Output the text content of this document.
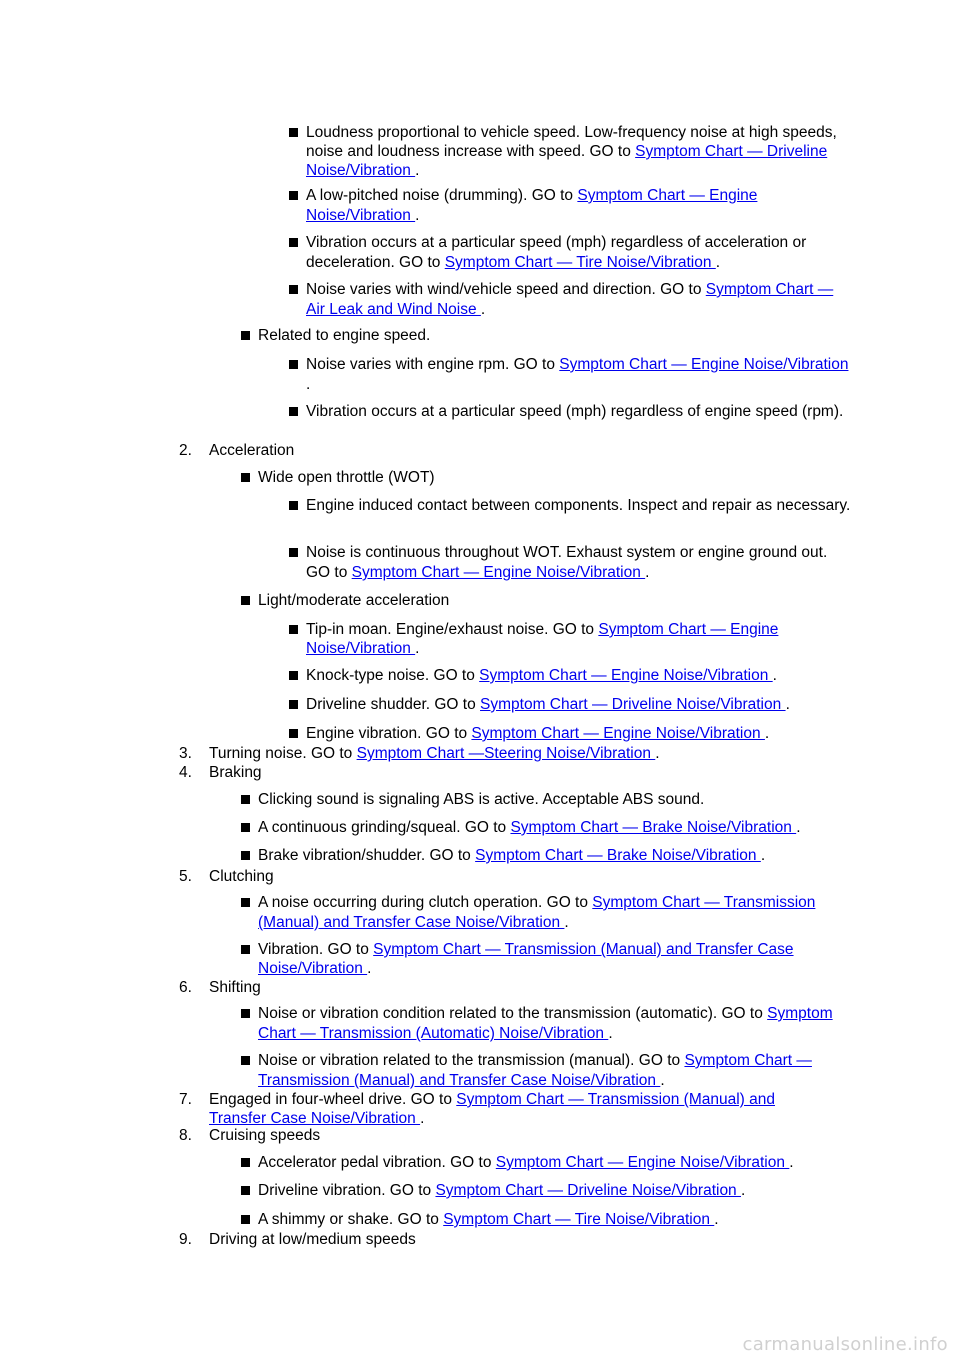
Loudness proportional to vehicle speed. Low-frequency noise at high speeds, noise and loudness increase with speed. GO to Symptom Chart — Driveline Noise/Vibration .
A low-pitched noise (drumming). GO to Symptom Chart — Engine Noise/Vibration .
Vibration occurs at a particular speed (mph) regardless of acceleration or deceleration. GO to Symptom Chart — Tire Noise/Vibration .
Noise varies with wind/vehicle speed and direction. GO to Symptom Chart — Air Leak and Wind Noise .
Related to engine speed.
Noise varies with engine rpm. GO to Symptom Chart — Engine Noise/Vibration .
Vibration occurs at a particular speed (mph) regardless of engine speed (rpm).
2. Acceleration
Wide open throttle (WOT)
Engine induced contact between components. Inspect and repair as necessary.
Noise is continuous throughout WOT. Exhaust system or engine ground out. GO to Symptom Chart — Engine Noise/Vibration .
Light/moderate acceleration
Tip-in moan. Engine/exhaust noise. GO to Symptom Chart — Engine Noise/Vibration .
Knock-type noise. GO to Symptom Chart — Engine Noise/Vibration .
Driveline shudder. GO to Symptom Chart — Driveline Noise/Vibration .
Engine vibration. GO to Symptom Chart — Engine Noise/Vibration .
3. Turning noise. GO to Symptom Chart —Steering Noise/Vibration .
4. Braking
Clicking sound is signaling ABS is active. Acceptable ABS sound.
A continuous grinding/squeal. GO to Symptom Chart — Brake Noise/Vibration .
Brake vibration/shudder. GO to Symptom Chart — Brake Noise/Vibration .
5. Clutching
A noise occurring during clutch operation. GO to Symptom Chart — Transmission (Manual) and Transfer Case Noise/Vibration .
Vibration. GO to Symptom Chart — Transmission (Manual) and Transfer Case Noise/Vibration .
6. Shifting
Noise or vibration condition related to the transmission (automatic). GO to Symptom Chart — Transmission (Automatic) Noise/Vibration .
Noise or vibration related to the transmission (manual). GO to Symptom Chart — Transmission (Manual) and Transfer Case Noise/Vibration .
7. Engaged in four-wheel drive. GO to Symptom Chart — Transmission (Manual) and Transfer Case Noise/Vibration .
8. Cruising speeds
Accelerator pedal vibration. GO to Symptom Chart — Engine Noise/Vibration .
Driveline vibration. GO to Symptom Chart — Driveline Noise/Vibration .
A shimmy or shake. GO to Symptom Chart — Tire Noise/Vibration .
9. Driving at low/medium speeds
carmanualsonline.info
